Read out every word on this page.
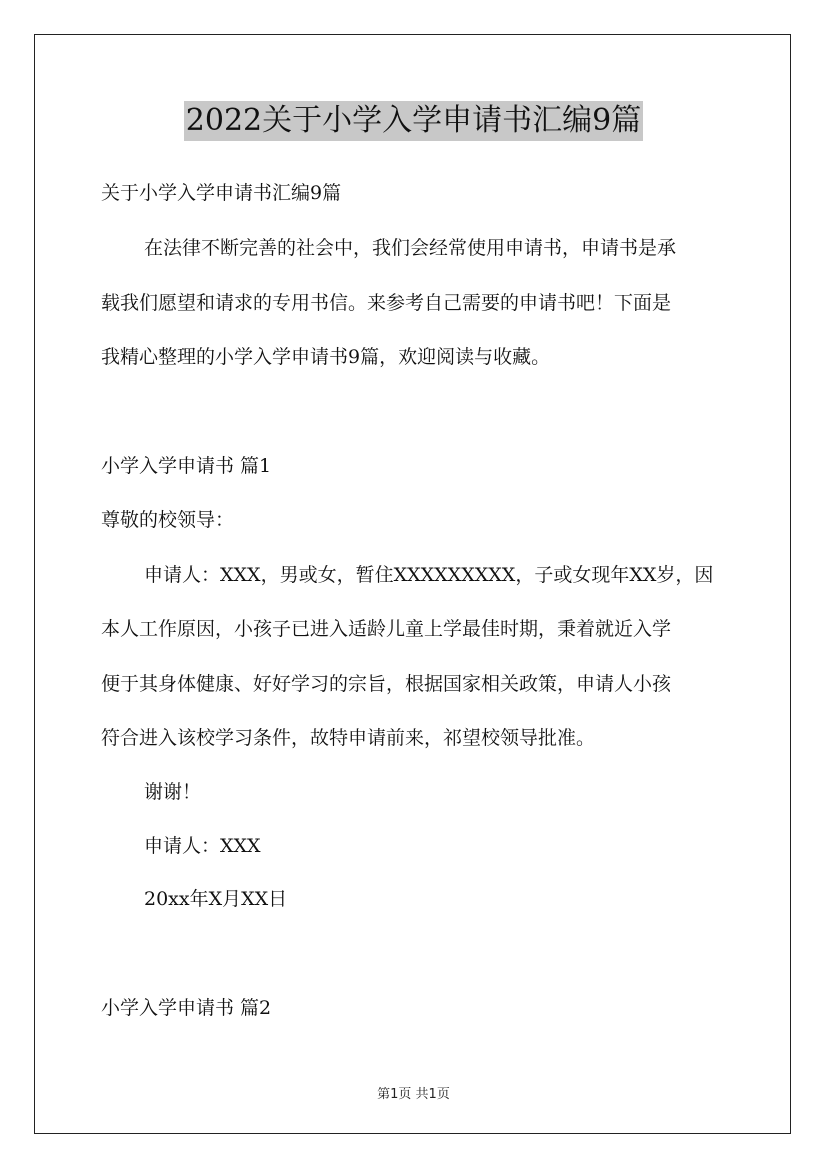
2022关于小学入学申请书汇编9篇
关于小学入学申请书汇编9篇
在法律不断完善的社会中，我们会经常使用申请书，申请书是承
载我们愿望和请求的专用书信。来参考自己需要的申请书吧！下面是
我精心整理的小学入学申请书9篇，欢迎阅读与收藏。
小学入学申请书 篇1
尊敬的校领导：
申请人：XXX，男或女，暂住XXXXXXXXX，子或女现年XX岁，因
本人工作原因，小孩子已进入适龄儿童上学最佳时期，秉着就近入学
便于其身体健康、好好学习的宗旨，根据国家相关政策，申请人小孩
符合进入该校学习条件，故特申请前来，祁望校领导批准。
谢谢！
申请人：XXX
20xx年X月XX日
小学入学申请书 篇2
第1页 共1页
